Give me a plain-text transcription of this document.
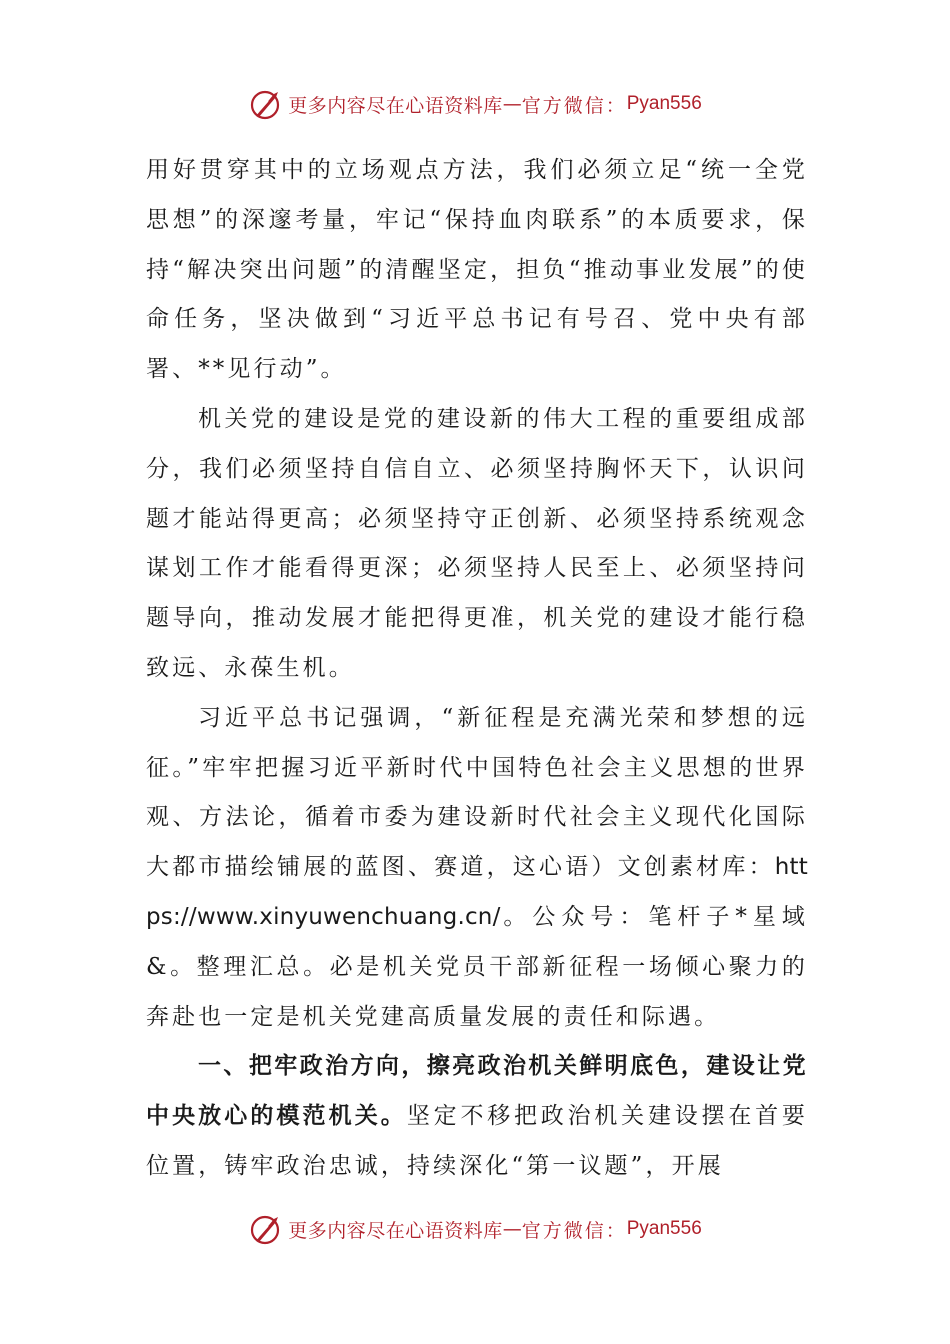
更多内容尽在心语资料库 — 官方微信： Pyan556

用好贯穿其中的立场观点方法，我们必须立足“统一全党思想”的深邃考量，牢记“保持血肉联系”的本质要求，保持“解决突出问题”的清醒坚定，担负“推动事业发展”的使命任务，坚决做到“习近平总书记有号召、党中央有部署、**见行动”。

机关党的建设是党的建设新的伟大工程的重要组成部分，我们必须坚持自信自立、必须坚持胸怀天下，认识问题才能站得更高；必须坚持守正创新、必须坚持系统观念谋划工作才能看得更深；必须坚持人民至上、必须坚持问题导向，推动发展才能把得更准，机关党的建设才能行稳致远、永葆生机。

习近平总书记强调，“新征程是充满光荣和梦想的远征。”牢牢把握习近平新时代中国特色社会主义思想的世界观、方法论，循着市委为建设新时代社会主义现代化国际大都市描绘铺展的蓝图、赛道，这心语）文创素材库：https://www.xinyuwenchuang.cn/。公众号：笔杆子*星域&。整理汇总。必是机关党员干部新征程一场倾心聚力的奔赴也一定是机关党建高质量发展的责任和际遇。

一、把牢政治方向，擦亮政治机关鲜明底色，建设让党中央放心的模范机关。坚定不移把政治机关建设摆在首要位置，铸牢政治忠诚，持续深化“第一议题”，开展

更多内容尽在心语资料库 — 官方微信： Pyan556
